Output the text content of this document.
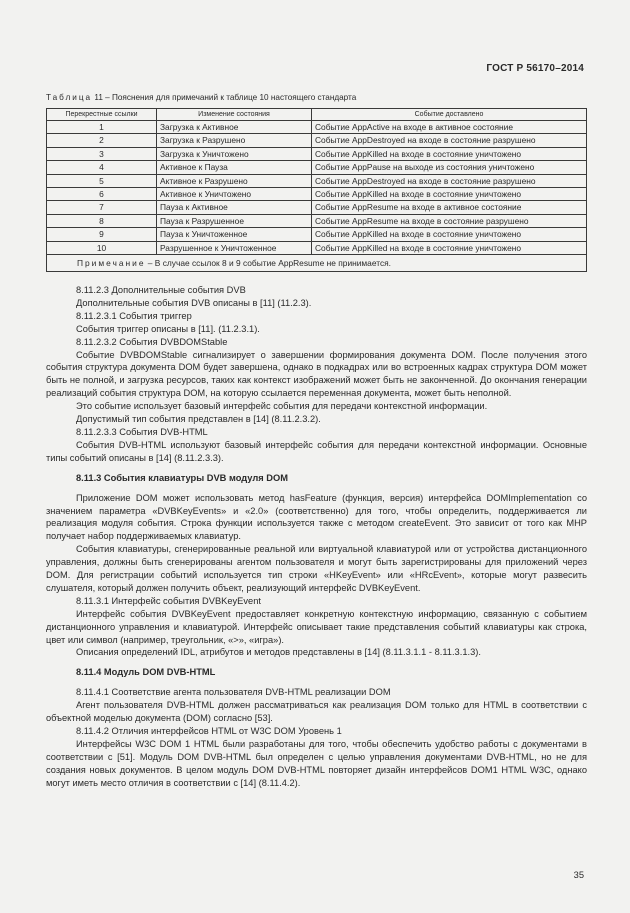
ГОСТ Р 56170–2014
Таблица 11 – Пояснения для примечаний к таблице 10 настоящего стандарта
Перекрестные ссылки	Изменение состояния	Событие доставлено
1	Загрузка к Активное	Событие AppActive на входе в активное состояние
2	Загрузка к Разрушено	Событие AppDestroyed на входе в состояние разрушено
3	Загрузка к Уничтожено	Событие AppKilled на входе в состояние уничтожено
4	Активное к Пауза	Событие AppPause на выходе из состояния уничтожено
5	Активное к Разрушено	Событие AppDestroyed на входе в состояние разрушено
6	Активное к Уничтожено	Событие AppKilled на входе в состояние уничтожено
7	Пауза к Активное	Событие AppResume на входе в активное состояние
8	Пауза к Разрушенное	Событие AppResume на входе в состояние разрушено
9	Пауза к Уничтоженное	Событие AppKilled на входе в состояние уничтожено
10	Разрушенное к Уничтоженное	Событие AppKilled на входе в состояние уничтожено
Примечание – В случае ссылок 8 и 9 событие AppResume не принимается.		

8.11.2.3 Дополнительные события DVB

Дополнительные события DVB описаны в [11] (11.2.3).

8.11.2.3.1 События триггер

События триггер описаны в [11]. (11.2.3.1).

8.11.2.3.2 События DVBDOMStable

Событие DVBDOMStable сигнализирует о завершении формирования документа DOM. После получения этого события структура документа DOM будет завершена, однако в подкадрах или во встроенных кадрах структура DOM может быть не полной, и загрузка ресурсов, таких как контекст изображений может быть не законченной. До окончания генерации реализаций события структура DOM, на которую ссылается переменная документа, может быть неполной.

Это событие использует базовый интерфейс события для передачи контекстной информации.

Допустимый тип события представлен в [14] (8.11.2.3.2).

8.11.2.3.3 События DVB-HTML

События DVB-HTML используют базовый интерфейс события для передачи контекстной информации. Основные типы событий описаны в [14] (8.11.2.3.3).

8.11.3 События клавиатуры DVB модуля DOM

Приложение DOM может использовать метод hasFeature (функция, версия) интерфейса DOMImplementation со значением параметра «DVBKeyEvents» и «2.0» (соответственно) для того, чтобы определить, поддерживается ли реализация модуля события. Строка функции используется также с методом createEvent. Это зависит от того как МНР получает набор поддерживаемых клавиатур.

События клавиатуры, сгенерированные реальной или виртуальной клавиатурой или от устройства дистанционного управления, должны быть сгенерированы агентом пользователя и могут быть зарегистрированы для приложений через DOM. Для регистрации событий используется тип строки «HKeyEvent» или «HRcEvent», которые могут развесить слушателя, который должен получить объект, реализующий интерфейс DVBKeyEvent.

8.11.3.1 Интерфейс события DVBKeyEvent

Интерфейс события DVBKeyEvent предоставляет конкретную контекстную информацию, связанную с событием дистанционного управления и клавиатурой. Интерфейс описывает такие представления событий клавиатуры как строка, цвет или символ (например, треугольник, «>», «игра»).

Описания определений IDL, атрибутов и методов представлены в [14] (8.11.3.1.1 - 8.11.3.1.3).

8.11.4 Модуль DOM DVB-HTML

8.11.4.1 Соответствие агента пользователя DVB-HTML реализации DOM

Агент пользователя DVB-HTML должен рассматриваться как реализация DOM только для HTML в соответствии с объектной моделью документа (DOM) согласно [53].

8.11.4.2 Отличия интерфейсов HTML от W3C DOM Уровень 1

Интерфейсы W3C DOM 1 HTML были разработаны для того, чтобы обеспечить удобство работы с документами в соответствии с [51]. Модуль DOM DVB-HTML был определен с целью управления документами DVB-HTML, но не для создания новых документов. В целом модуль DOM DVB-HTML повторяет дизайн интерфейсов DOM1 HTML W3C, однако могут иметь место отличия в соответствии с [14] (8.11.4.2).

35
